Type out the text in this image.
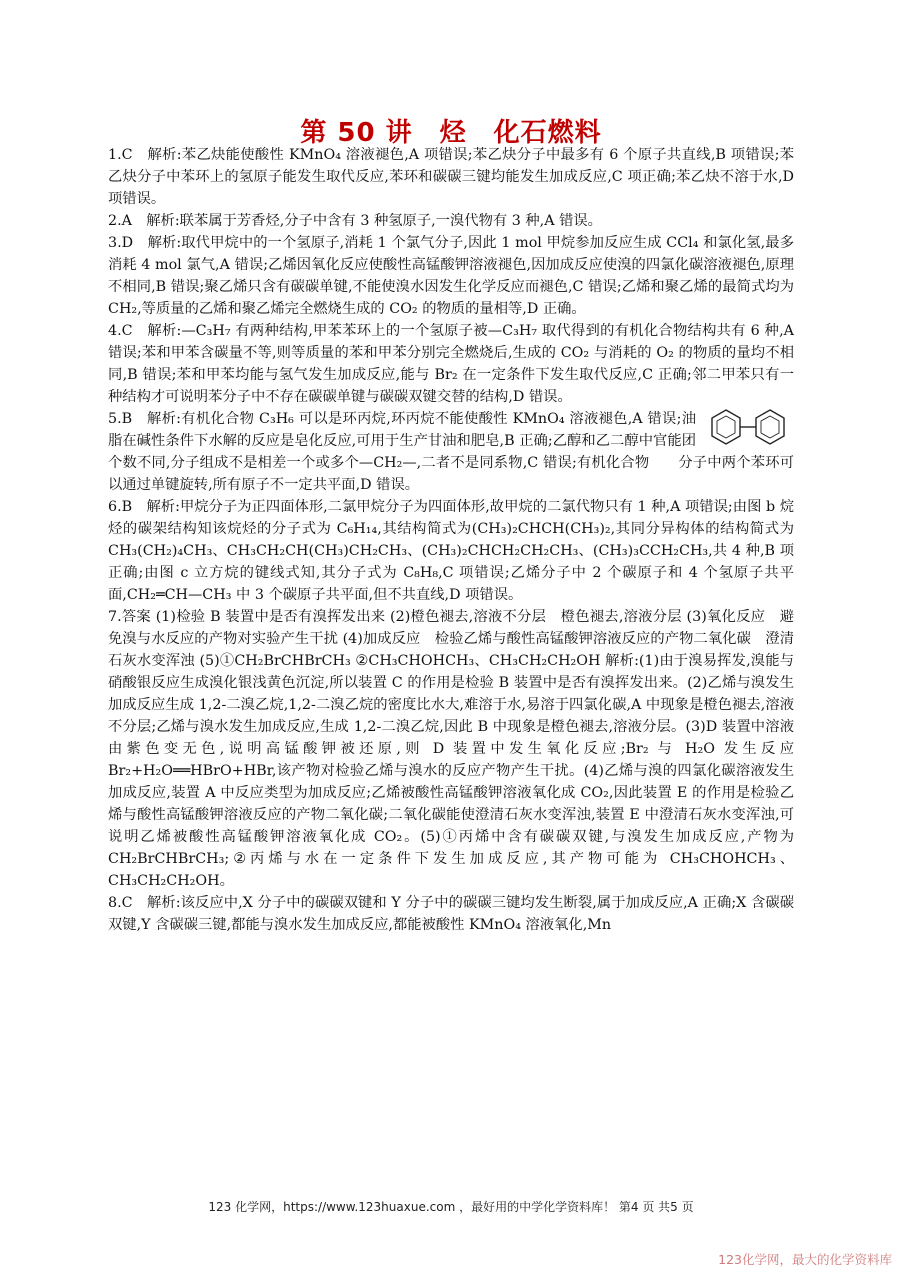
第 50 讲　烃　化石燃料

1.C　解析:苯乙炔能使酸性 KMnO₄ 溶液褪色,A 项错误;苯乙炔分子中最多有 6 个原子共直线,B 项错误;苯乙炔分子中苯环上的氢原子能发生取代反应,苯环和碳碳三键均能发生加成反应,C 项正确;苯乙炔不溶于水,D 项错误。

2.A　解析:联苯属于芳香烃,分子中含有 3 种氢原子,一溴代物有 3 种,A 错误。

3.D　解析:取代甲烷中的一个氢原子,消耗 1 个氯气分子,因此 1 mol 甲烷参加反应生成 CCl₄ 和氯化氢,最多消耗 4 mol 氯气,A 错误;乙烯因氧化反应使酸性高锰酸钾溶液褪色,因加成反应使溴的四氯化碳溶液褪色,原理不相同,B 错误;聚乙烯只含有碳碳单键,不能使溴水因发生化学反应而褪色,C 错误;乙烯和聚乙烯的最简式均为 CH₂,等质量的乙烯和聚乙烯完全燃烧生成的 CO₂ 的物质的量相等,D 正确。

4.C　解析:—C₃H₇ 有两种结构,甲苯苯环上的一个氢原子被—C₃H₇ 取代得到的有机化合物结构共有 6 种,A 错误;苯和甲苯含碳量不等,则等质量的苯和甲苯分别完全燃烧后,生成的 CO₂ 与消耗的 O₂ 的物质的量均不相同,B 错误;苯和甲苯均能与氢气发生加成反应,能与 Br₂ 在一定条件下发生取代反应,C 正确;邻二甲苯只有一种结构才可说明苯分子中不存在碳碳单键与碳碳双键交替的结构,D 错误。

5.B　解析:有机化合物 C₃H₆ 可以是环丙烷,环丙烷不能使酸性 KMnO₄ 溶液褪色,A 错误;油脂在碱性条件下水解的反应是皂化反应,可用于生产甘油和肥皂,B 正确;乙醇和乙二醇中官能团个数不同,分子组成不是相差一个或多个—CH₂—,二者不是同系物,C 错误;有机化合物　　分子中两个苯环可以通过单键旋转,所有原子不一定共平面,D 错误。

6.B　解析:甲烷分子为正四面体形,二氯甲烷分子为四面体形,故甲烷的二氯代物只有 1 种,A 项错误;由图 b 烷烃的碳架结构知该烷烃的分子式为 C₆H₁₄,其结构简式为(CH₃)₂CHCH(CH₃)₂,其同分异构体的结构简式为 CH₃(CH₂)₄CH₃、CH₃CH₂CH(CH₃)CH₂CH₃、(CH₃)₂CHCH₂CH₂CH₃、(CH₃)₃CCH₂CH₃,共 4 种,B 项正确;由图 c 立方烷的键线式知,其分子式为 C₈H₈,C 项错误;乙烯分子中 2 个碳原子和 4 个氢原子共平面,CH₂═CH—CH₃ 中 3 个碳原子共平面,但不共直线,D 项错误。

7.答案 (1)检验 B 装置中是否有溴挥发出来 (2)橙色褪去,溶液不分层　橙色褪去,溶液分层 (3)氧化反应　避免溴与水反应的产物对实验产生干扰 (4)加成反应　检验乙烯与酸性高锰酸钾溶液反应的产物二氧化碳　澄清石灰水变浑浊 (5)①CH₂BrCHBrCH₃ ②CH₃CHOHCH₃、CH₃CH₂CH₂OH 解析:(1)由于溴易挥发,溴能与硝酸银反应生成溴化银浅黄色沉淀,所以装置 C 的作用是检验 B 装置中是否有溴挥发出来。(2)乙烯与溴发生加成反应生成 1,2-二溴乙烷,1,2-二溴乙烷的密度比水大,难溶于水,易溶于四氯化碳,A 中现象是橙色褪去,溶液不分层;乙烯与溴水发生加成反应,生成 1,2-二溴乙烷,因此 B 中现象是橙色褪去,溶液分层。(3)D 装置中溶液由紫色变无色,说明高锰酸钾被还原,则 D 装置中发生氧化反应;Br₂ 与 H₂O 发生反应 Br₂+H₂O══HBrO+HBr,该产物对检验乙烯与溴水的反应产物产生干扰。(4)乙烯与溴的四氯化碳溶液发生加成反应,装置 A 中反应类型为加成反应;乙烯被酸性高锰酸钾溶液氧化成 CO₂,因此装置 E 的作用是检验乙烯与酸性高锰酸钾溶液反应的产物二氧化碳;二氧化碳能使澄清石灰水变浑浊,装置 E 中澄清石灰水变浑浊,可说明乙烯被酸性高锰酸钾溶液氧化成 CO₂。(5)①丙烯中含有碳碳双键,与溴发生加成反应,产物为 CH₂BrCHBrCH₃;②丙烯与水在一定条件下发生加成反应,其产物可能为 CH₃CHOHCH₃、CH₃CH₂CH₂OH。

8.C　解析:该反应中,X 分子中的碳碳双键和 Y 分子中的碳碳三键均发生断裂,属于加成反应,A 正确;X 含碳碳双键,Y 含碳碳三键,都能与溴水发生加成反应,都能被酸性 KMnO₄ 溶液氧化,Mn

123 化学网，https://www.123huaxue.com ，最好用的中学化学资料库！ 第4 页 共5 页
123化学网，最大的化学资料库
